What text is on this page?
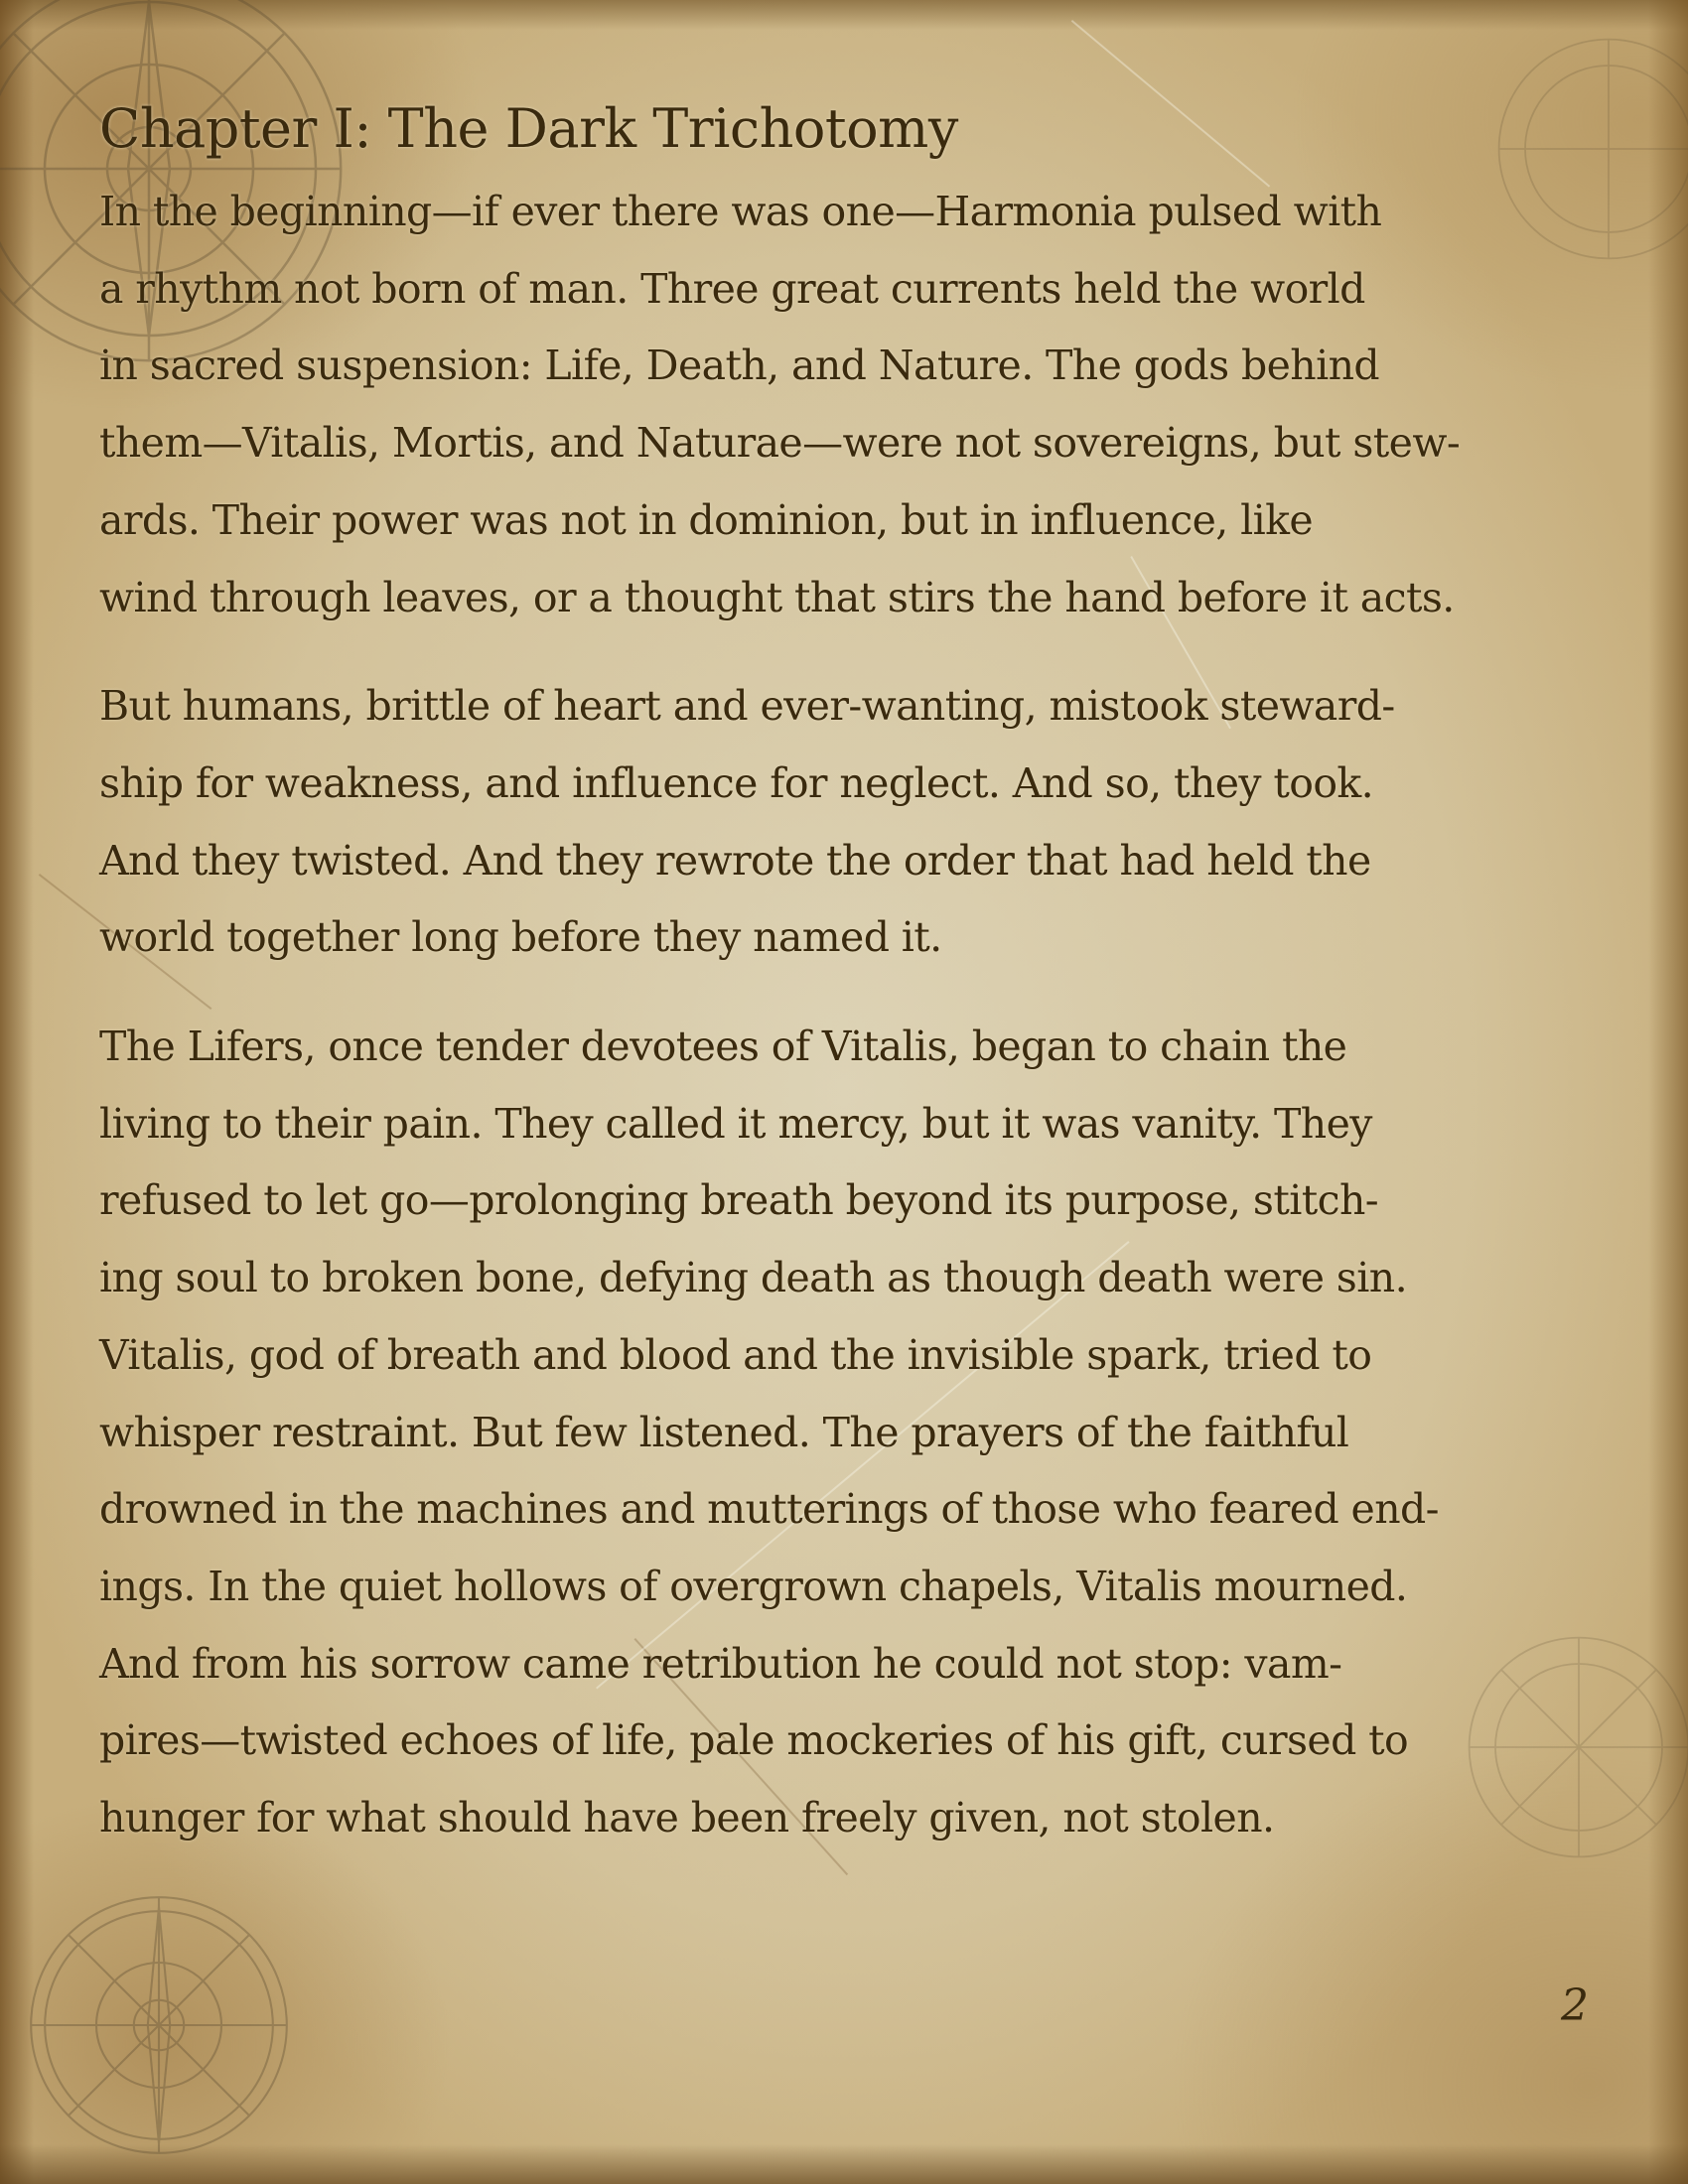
Chapter I: The Dark Trichotomy

In the beginning—if ever there was one—Harmonia pulsed with
a rhythm not born of man. Three great currents held the world
in sacred suspension: Life, Death, and Nature. The gods behind
them—Vitalis, Mortis, and Naturae—were not sovereigns, but stew-
ards. Their power was not in dominion, but in influence, like
wind through leaves, or a thought that stirs the hand before it acts.

But humans, brittle of heart and ever-wanting, mistook steward-
ship for weakness, and influence for neglect. And so, they took.
And they twisted. And they rewrote the order that had held the
world together long before they named it.

The Lifers, once tender devotees of Vitalis, began to chain the
living to their pain. They called it mercy, but it was vanity. They
refused to let go—prolonging breath beyond its purpose, stitch-
ing soul to broken bone, defying death as though death were sin.
Vitalis, god of breath and blood and the invisible spark, tried to
whisper restraint. But few listened. The prayers of the faithful
drowned in the machines and mutterings of those who feared end-
ings. In the quiet hollows of overgrown chapels, Vitalis mourned.
And from his sorrow came retribution he could not stop: vam-
pires—twisted echoes of life, pale mockeries of his gift, cursed to
hunger for what should have been freely given, not stolen.

2
